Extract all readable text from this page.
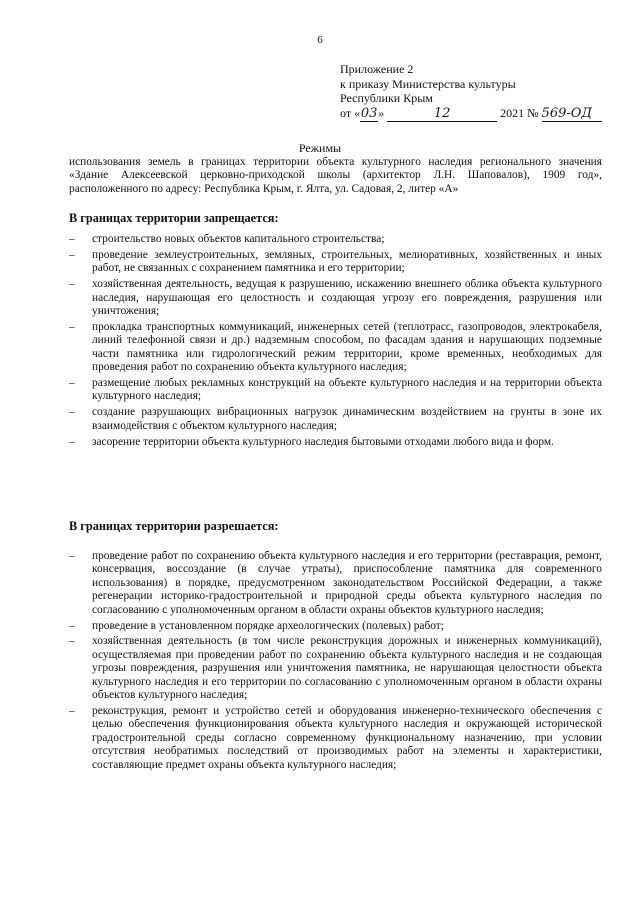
6
Приложение 2
к приказу Министерства культуры
Республики Крым
от «03»	12	2021 № 569-ОД
Режимы
использования земель в границах территории объекта культурного наследия регионального значения «Здание Алексеевской церковно-приходской школы (архитектор Л.Н. Шаповалов), 1909 год», расположенного по адресу: Республика Крым, г. Ялта, ул. Садовая, 2, литер «А»
В границах территории запрещается:
– строительство новых объектов капитального строительства;
– проведение землеустроительных, земляных, строительных, мелиоративных, хозяйственных и иных работ, не связанных с сохранением памятника и его территории;
– хозяйственная деятельность, ведущая к разрушению, искажению внешнего облика объекта культурного наследия, нарушающая его целостность и создающая угрозу его повреждения, разрушения или уничтожения;
– прокладка транспортных коммуникаций, инженерных сетей (теплотрасс, газопроводов, электрокабеля, линий телефонной связи и др.) надземным способом, по фасадам здания и нарушающих подземные части памятника или гидрологический режим территории, кроме временных, необходимых для проведения работ по сохранению объекта культурного наследия;
– размещение любых рекламных конструкций на объекте культурного наследия и на территории объекта культурного наследия;
– создание разрушающих вибрационных нагрузок динамическим воздействием на грунты в зоне их взаимодействия с объектом культурного наследия;
– засорение территории объекта культурного наследия бытовыми отходами любого вида и форм.
В границах территории разрешается:
– проведение работ по сохранению объекта культурного наследия и его территории (реставрация, ремонт, консервация, воссоздание (в случае утраты), приспособление памятника для современного использования) в порядке, предусмотренном законодательством Российской Федерации, а также регенерации историко-градостроительной и природной среды объекта культурного наследия по согласованию с уполномоченным органом в области охраны объектов культурного наследия;
– проведение в установленном порядке археологических (полевых) работ;
– хозяйственная деятельность (в том числе реконструкция дорожных и инженерных коммуникаций), осуществляемая при проведении работ по сохранению объекта культурного наследия и не создающая угрозы повреждения, разрушения или уничтожения памятника, не нарушающая целостности объекта культурного наследия и его территории по согласованию с уполномоченным органом в области охраны объектов культурного наследия;
– реконструкция, ремонт и устройство сетей и оборудования инженерно-технического обеспечения с целью обеспечения функционирования объекта культурного наследия и окружающей исторической градостроительной среды согласно современному функциональному назначению, при условии отсутствия необратимых последствий от производимых работ на элементы и характеристики, составляющие предмет охраны объекта культурного наследия;
